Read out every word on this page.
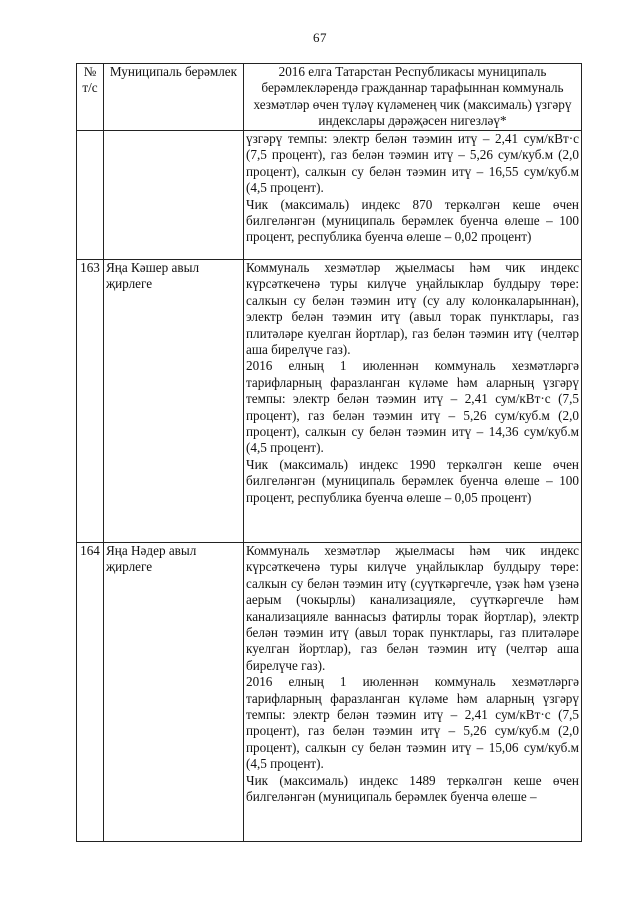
67
№ т/с	Муниципаль берәмлек	2016 елга Татарстан Республикасы муниципаль берәмлекләрендә гражданнар тарафыннан коммуналь хезмәтләр өчен түләү күләменең чик (максималь) үзгәрү индекслары дәрәҗәсен нигезләү*

		үзгәрү темпы: электр белән тәэмин итү – 2,41 сум/кВт·с (7,5 процент), газ белән тәэмин итү – 5,26 сум/куб.м (2,0 процент), салкын су белән тәэмин итү – 16,55 сум/куб.м (4,5 процент).

Чик (максималь) индекс 870 теркәлгән кеше өчен билгеләнгән (муниципаль берәмлек буенча өлеше – 100 процент, республика буенча өлеше – 0,02 процент)

163	Яңа Кәшер авыл җирлеге	Коммуналь хезмәтләр җыелмасы һәм чик индекс күрсәткеченә туры килүче уңайлыклар булдыру төре: салкын су белән тәэмин итү (су алу колонкаларыннан), электр белән тәэмин итү (авыл торак пунктлары, газ плитәләре куелган йортлар), газ белән тәэмин итү (челтәр аша бирелүче газ).

2016 елның 1 июленнән коммуналь хезмәтләргә тарифларның фаразланган күләме һәм аларның үзгәрү темпы: электр белән тәэмин итү – 2,41 сум/кВт·с (7,5 процент), газ белән тәэмин итү – 5,26 сум/куб.м (2,0 процент), салкын су белән тәэмин итү – 14,36 сум/куб.м (4,5 процент).

Чик (максималь) индекс 1990 теркәлгән кеше өчен билгеләнгән (муниципаль берәмлек буенча өлеше – 100 процент, республика буенча өлеше – 0,05 процент)

164	Яңа Нәдер авыл җирлеге	Коммуналь хезмәтләр җыелмасы һәм чик индекс күрсәткеченә туры килүче уңайлыклар булдыру төре: салкын су белән тәэмин итү (суүткәргечле, үзәк һәм үзенә аерым (чокырлы) канализацияле, суүткәргечле һәм канализацияле ваннасыз фатирлы торак йортлар), электр белән тәэмин итү (авыл торак пунктлары, газ плитәләре куелган йортлар), газ белән тәэмин итү (челтәр аша бирелүче газ).

2016 елның 1 июленнән коммуналь хезмәтләргә тарифларның фаразланган күләме һәм аларның үзгәрү темпы: электр белән тәэмин итү – 2,41 сум/кВт·с (7,5 процент), газ белән тәэмин итү – 5,26 сум/куб.м (2,0 процент), салкын су белән тәэмин итү – 15,06 сум/куб.м (4,5 процент).

Чик (максималь) индекс 1489 теркәлгән кеше өчен билгеләнгән (муниципаль берәмлек буенча өлеше –
